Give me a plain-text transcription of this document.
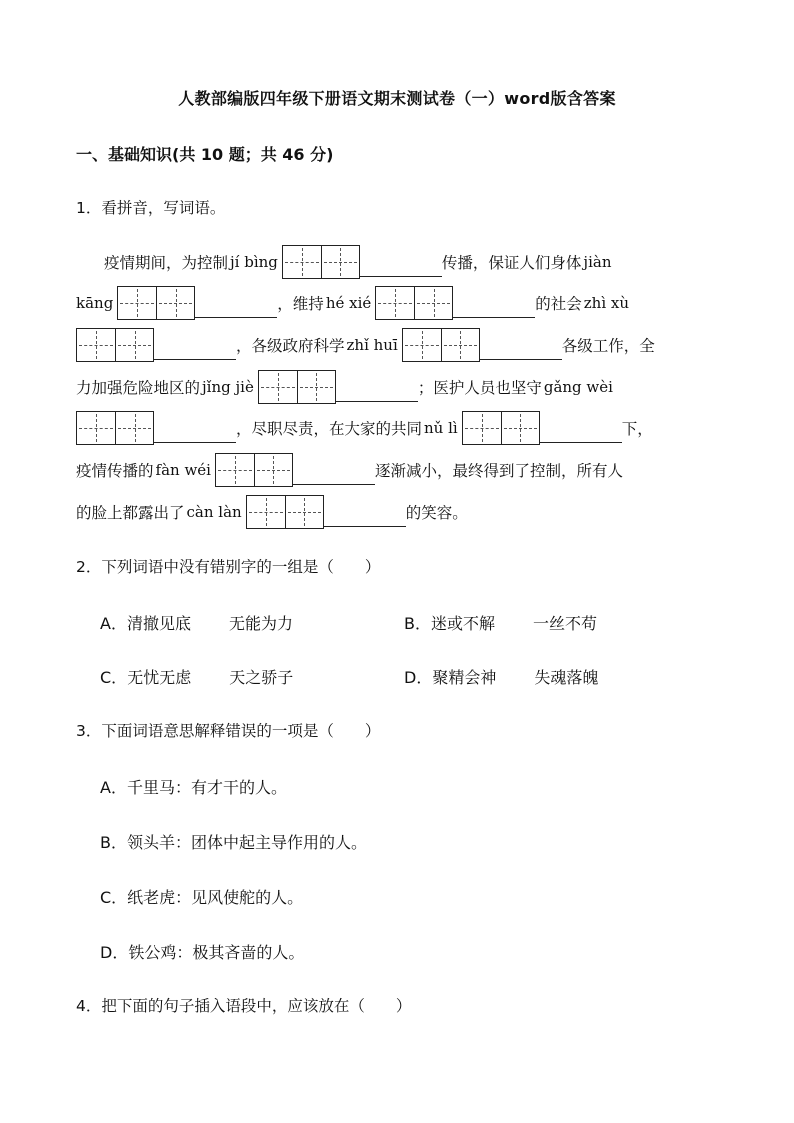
人教部编版四年级下册语文期末测试卷（一）word版含答案
一、基础知识(共 10 题；共 46 分)
1．看拼音，写词语。
疫情期间，为控制 jí bìng	传播，保证人们身体 jiàn
kāng	，维持 hé xié	的社会 zhì xù
，各级政府科学 zhǐ huī	各级工作，全
力加强危险地区的 jǐng jiè	；医护人员也坚守 gǎng wèi
，尽职尽责，在大家的共同 nǔ lì	下，
疫情传播的 fàn wéi	逐渐减小，最终得到了控制，所有人
的脸上都露出了 càn làn	的笑容。
2．下列词语中没有错别字的一组是（　　）
A．清撤见底 无能为力	B．迷或不解 一丝不苟
C．无忧无虑 天之骄子	D．聚精会神 失魂落魄
3．下面词语意思解释错误的一项是（　　）
A．千里马：有才干的人。
B．领头羊：团体中起主导作用的人。
C．纸老虎：见风使舵的人。
D．铁公鸡：极其吝啬的人。
4．把下面的句子插入语段中，应该放在（　　）
